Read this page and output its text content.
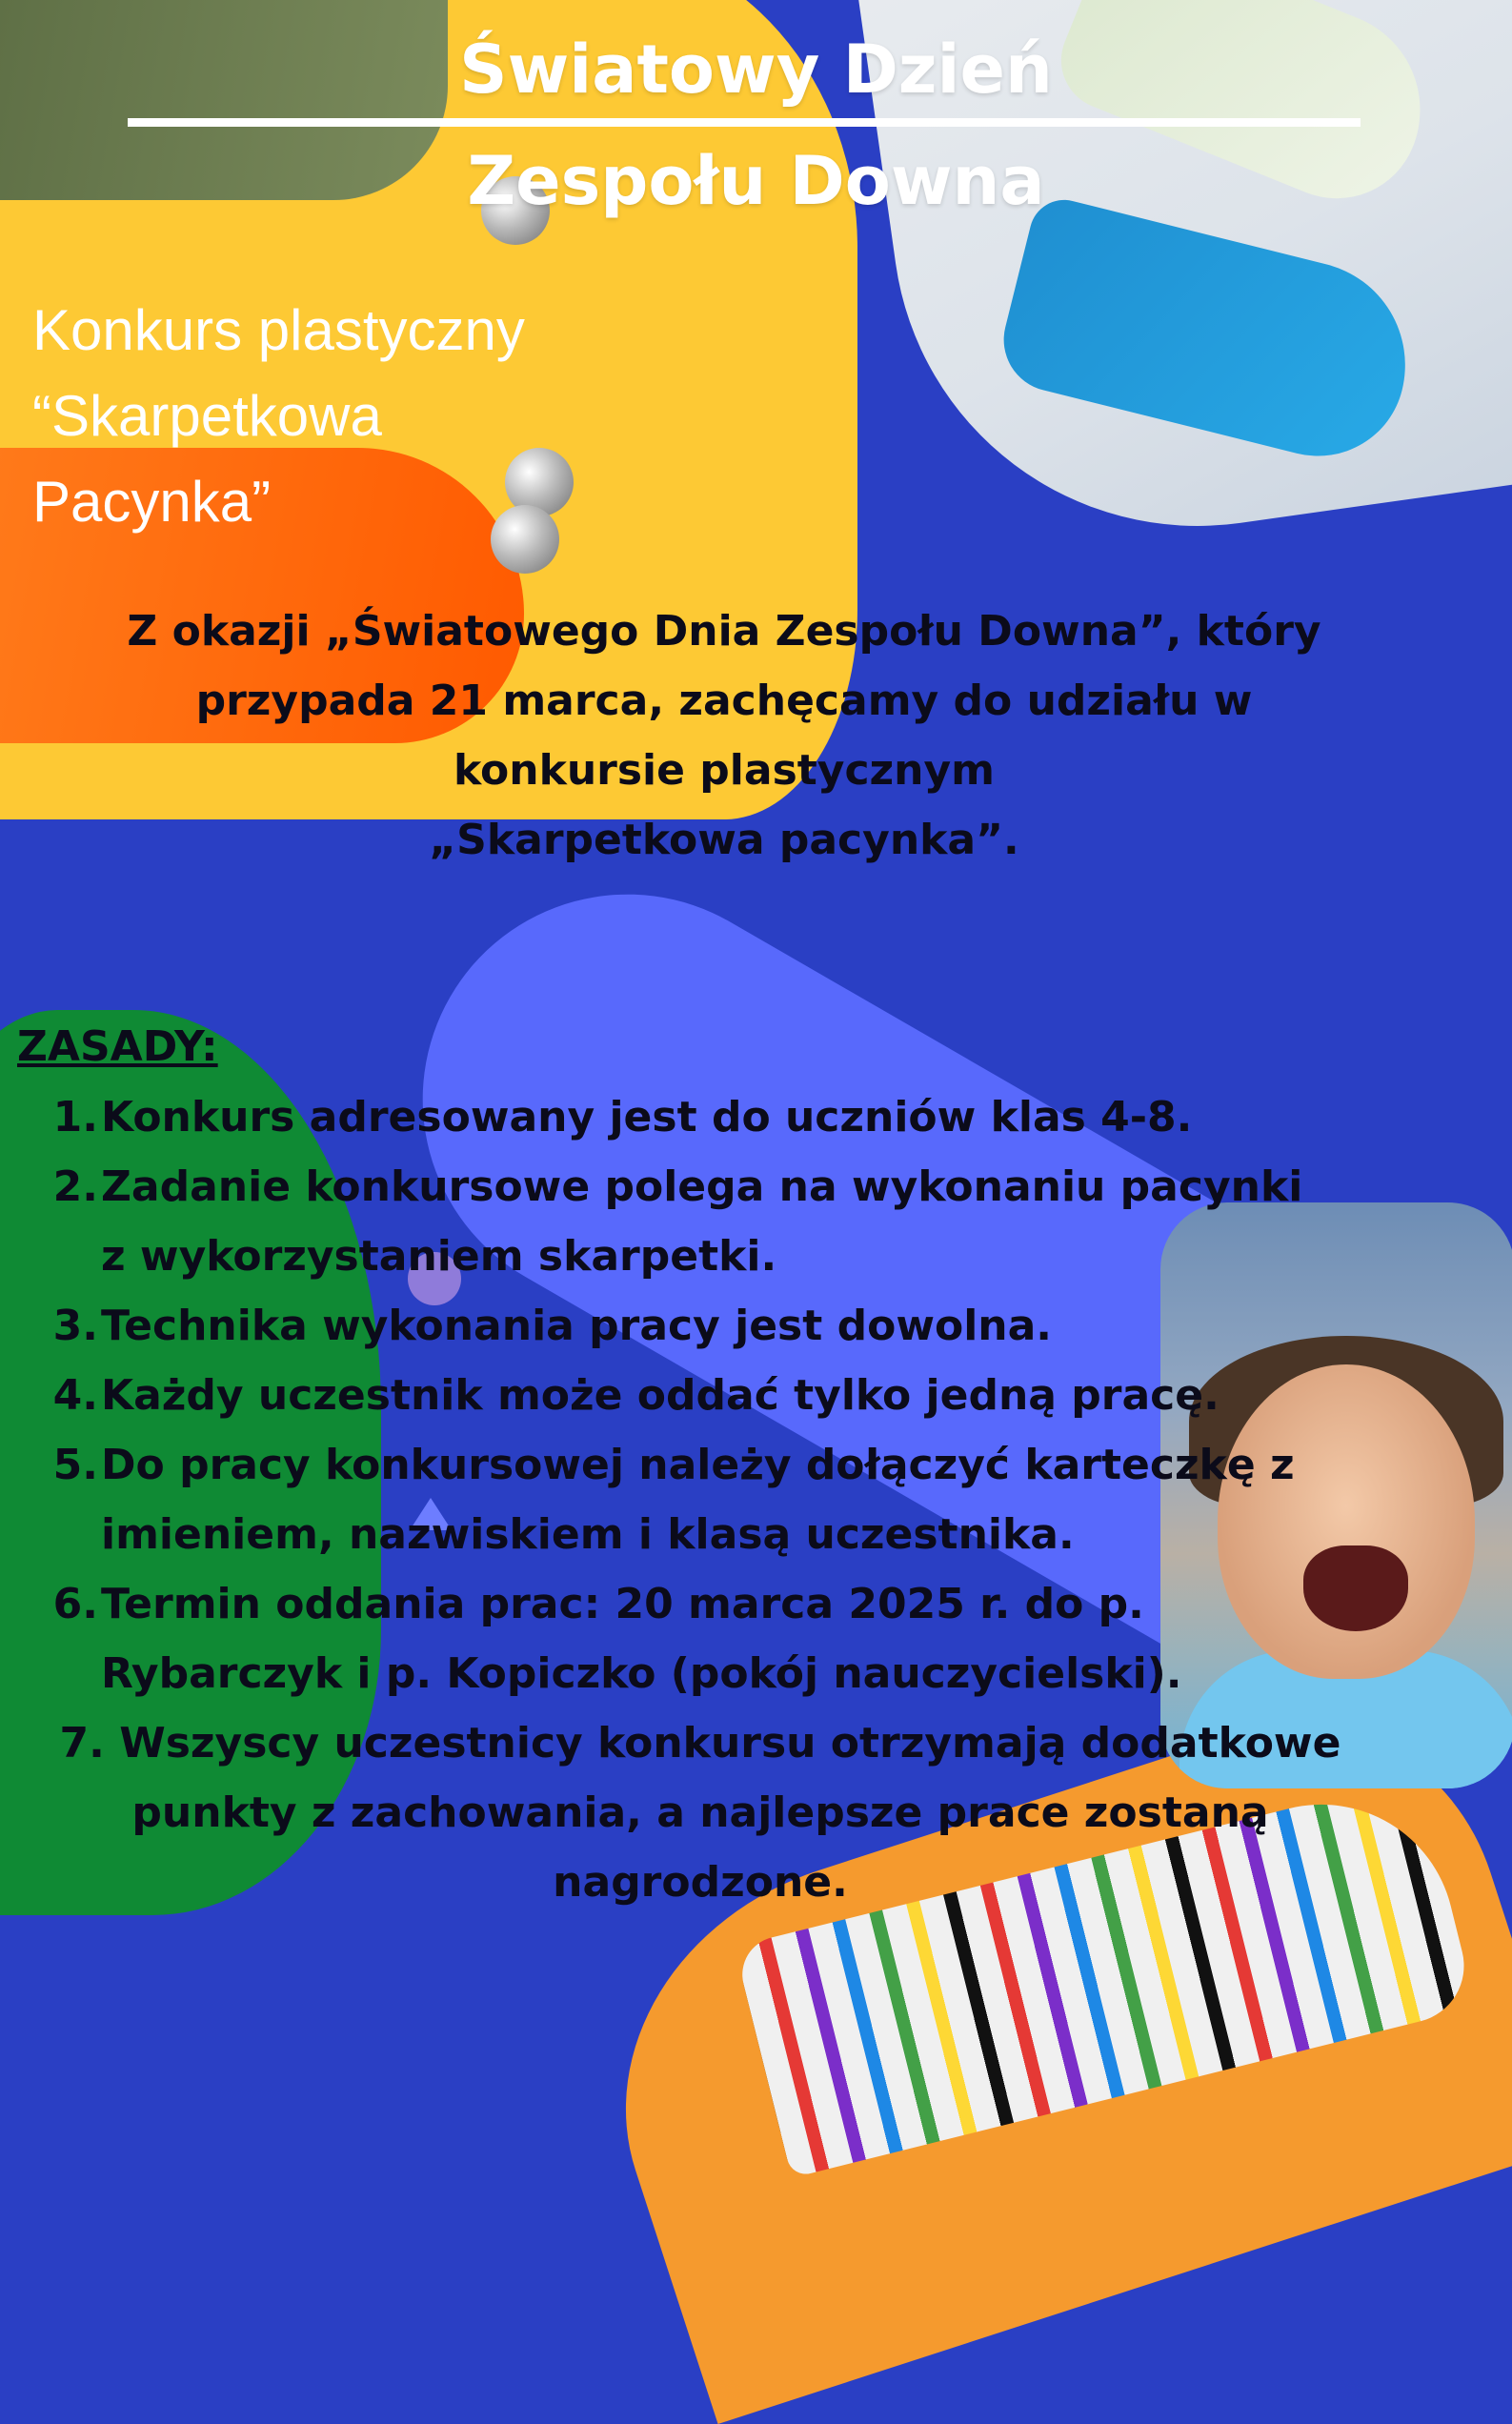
Światowy Dzień
Zespołu Downa
Konkurs plastyczny
“Skarpetkowa
Pacynka”
Z okazji „Światowego Dnia Zespołu Downa”, który
przypada 21 marca, zachęcamy do udziału w
konkursie plastycznym
„Skarpetkowa pacynka”.
ZASADY:
1. Konkurs adresowany jest do uczniów klas 4-8.
2. Zadanie konkursowe polega na wykonaniu pacynki
z wykorzystaniem skarpetki.
3. Technika wykonania pracy jest dowolna.
4. Każdy uczestnik może oddać tylko jedną pracę.
5. Do pracy konkursowej należy dołączyć karteczkę z
imieniem, nazwiskiem i klasą uczestnika.
6. Termin oddania prac: 20 marca 2025 r. do p.
Rybarczyk i p. Kopiczko (pokój nauczycielski).
7. Wszyscy uczestnicy konkursu otrzymają dodatkowe
punkty z zachowania, a najlepsze prace zostaną
nagrodzone.
